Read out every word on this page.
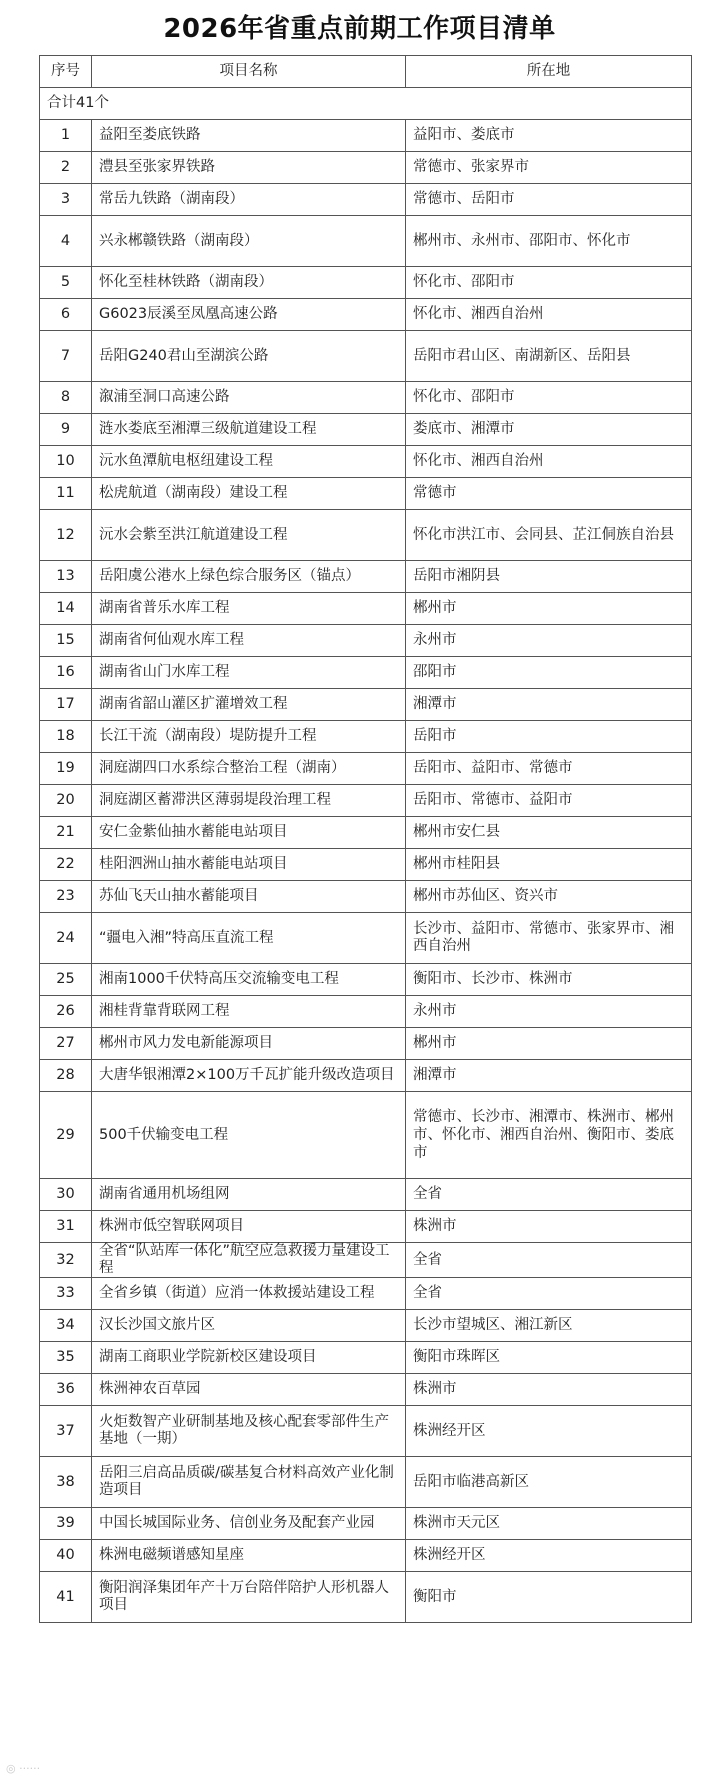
2026年省重点前期工作项目清单
序号	项目名称	所在地
合计41个		
1	益阳至娄底铁路	益阳市、娄底市
2	澧县至张家界铁路	常德市、张家界市
3	常岳九铁路（湖南段）	常德市、岳阳市
4	兴永郴赣铁路（湖南段）	郴州市、永州市、邵阳市、怀化市
5	怀化至桂林铁路（湖南段）	怀化市、邵阳市
6	G6023辰溪至凤凰高速公路	怀化市、湘西自治州
7	岳阳G240君山至湖滨公路	岳阳市君山区、南湖新区、岳阳县
8	溆浦至洞口高速公路	怀化市、邵阳市
9	涟水娄底至湘潭三级航道建设工程	娄底市、湘潭市
10	沅水鱼潭航电枢纽建设工程	怀化市、湘西自治州
11	松虎航道（湖南段）建设工程	常德市
12	沅水会紫至洪江航道建设工程	怀化市洪江市、会同县、芷江侗族自治县
13	岳阳虞公港水上绿色综合服务区（锚点）	岳阳市湘阴县
14	湖南省普乐水库工程	郴州市
15	湖南省何仙观水库工程	永州市
16	湖南省山门水库工程	邵阳市
17	湖南省韶山灌区扩灌增效工程	湘潭市
18	长江干流（湖南段）堤防提升工程	岳阳市
19	洞庭湖四口水系综合整治工程（湖南）	岳阳市、益阳市、常德市
20	洞庭湖区蓄滞洪区薄弱堤段治理工程	岳阳市、常德市、益阳市
21	安仁金紫仙抽水蓄能电站项目	郴州市安仁县
22	桂阳泗洲山抽水蓄能电站项目	郴州市桂阳县
23	苏仙飞天山抽水蓄能项目	郴州市苏仙区、资兴市
24	“疆电入湘”特高压直流工程	长沙市、益阳市、常德市、张家界市、湘西自治州
25	湘南1000千伏特高压交流输变电工程	衡阳市、长沙市、株洲市
26	湘桂背靠背联网工程	永州市
27	郴州市风力发电新能源项目	郴州市
28	大唐华银湘潭2×100万千瓦扩能升级改造项目	湘潭市
29	500千伏输变电工程	常德市、长沙市、湘潭市、株洲市、郴州市、怀化市、湘西自治州、衡阳市、娄底市
30	湖南省通用机场组网	全省
31	株洲市低空智联网项目	株洲市
32	全省“队站库一体化”航空应急救援力量建设工程	全省
33	全省乡镇（街道）应消一体救援站建设工程	全省
34	汉长沙国文旅片区	长沙市望城区、湘江新区
35	湖南工商职业学院新校区建设项目	衡阳市珠晖区
36	株洲神农百草园	株洲市
37	火炬数智产业研制基地及核心配套零部件生产基地（一期）	株洲经开区
38	岳阳三启高品质碳/碳基复合材料高效产业化制造项目	岳阳市临港高新区
39	中国长城国际业务、信创业务及配套产业园	株洲市天元区
40	株洲电磁频谱感知星座	株洲经开区
41	衡阳润泽集团年产十万台陪伴陪护人形机器人项目	衡阳市
◎ ······
